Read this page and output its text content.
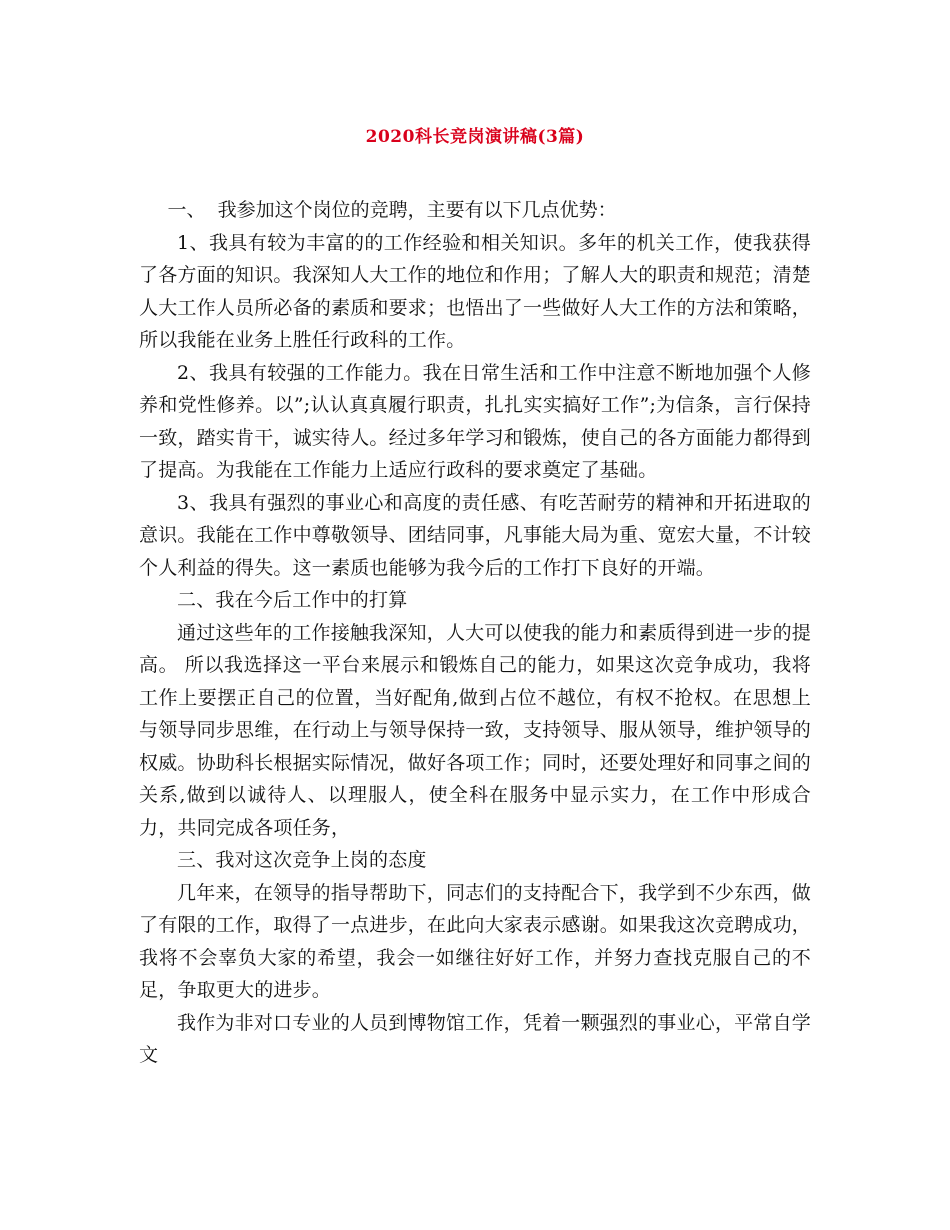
2020科长竞岗演讲稿(3篇)

一、  我参加这个岗位的竞聘，主要有以下几点优势：

1、我具有较为丰富的的工作经验和相关知识。多年的机关工作，使我获得了各方面的知识。我深知人大工作的地位和作用；了解人大的职责和规范；清楚人大工作人员所必备的素质和要求；也悟出了一些做好人大工作的方法和策略，所以我能在业务上胜任行政科的工作。

2、我具有较强的工作能力。我在日常生活和工作中注意不断地加强个人修养和党性修养。以”;认认真真履行职责，扎扎实实搞好工作”;为信条，言行保持一致，踏实肯干，诚实待人。经过多年学习和锻炼，使自己的各方面能力都得到了提高。为我能在工作能力上适应行政科的要求奠定了基础。

3、我具有强烈的事业心和高度的责任感、有吃苦耐劳的精神和开拓进取的意识。我能在工作中尊敬领导、团结同事，凡事能大局为重、宽宏大量，不计较个人利益的得失。这一素质也能够为我今后的工作打下良好的开端。

二、我在今后工作中的打算

通过这些年的工作接触我深知，人大可以使我的能力和素质得到进一步的提高。 所以我选择这一平台来展示和锻炼自己的能力，如果这次竞争成功，我将工作上要摆正自己的位置，当好配角,做到占位不越位，有权不抢权。在思想上与领导同步思维，在行动上与领导保持一致，支持领导、服从领导，维护领导的权威。协助科长根据实际情况，做好各项工作；同时，还要处理好和同事之间的关系,做到以诚待人、以理服人，使全科在服务中显示实力，在工作中形成合力，共同完成各项任务，

三、我对这次竞争上岗的态度

几年来，在领导的指导帮助下，同志们的支持配合下，我学到不少东西，做了有限的工作，取得了一点进步，在此向大家表示感谢。如果我这次竞聘成功，我将不会辜负大家的希望，我会一如继往好好工作，并努力查找克服自己的不足，争取更大的进步。

我作为非对口专业的人员到博物馆工作，凭着一颗强烈的事业心，平常自学文
